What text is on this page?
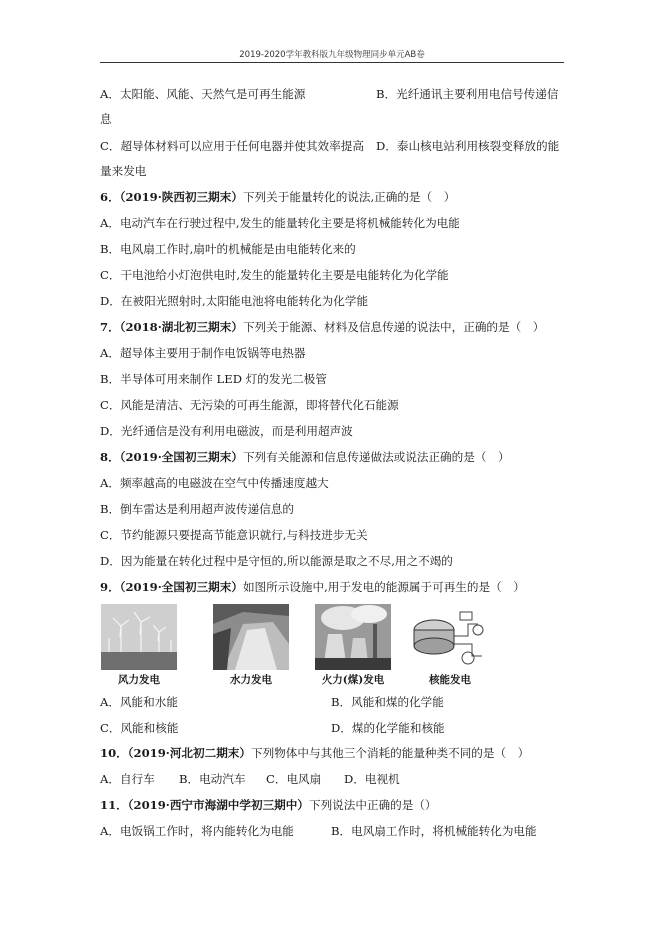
2019-2020学年教科版九年级物理同步单元AB卷
A．太阳能、风能、天然气是可再生能源	B．光纤通讯主要利用电信号传递信
息
C．超导体材料可以应用于任何电器并使其效率提高 D．泰山核电站利用核裂变释放的能
量来发电
6．（2019·陕西初三期末）下列关于能量转化的说法,正确的是（　）
A．电动汽车在行驶过程中,发生的能量转化主要是将机械能转化为电能
B．电风扇工作时,扇叶的机械能是由电能转化来的
C．干电池给小灯泡供电时,发生的能量转化主要是电能转化为化学能
D．在被阳光照射时,太阳能电池将电能转化为化学能
7．（2018·湖北初三期末）下列关于能源、材料及信息传递的说法中，正确的是（　）
A．超导体主要用于制作电饭锅等电热器
B．半导体可用来制作 LED 灯的发光二极管
C．风能是清洁、无污染的可再生能源，即将替代化石能源
D．光纤通信是没有利用电磁波，而是利用超声波
8．（2019·全国初三期末）下列有关能源和信息传递做法或说法正确的是（　）
A．频率越高的电磁波在空气中传播速度越大
B．倒车雷达是利用超声波传递信息的
C．节约能源只要提高节能意识就行,与科技进步无关
D．因为能量在转化过程中是守恒的,所以能源是取之不尽,用之不竭的
9．（2019·全国初三期末）如图所示设施中,用于发电的能源属于可再生的是（　）
风力发电	水力发电	火力(煤)发电	核能发电
A．风能和水能	B．风能和煤的化学能
C．风能和核能	D．煤的化学能和核能
10．（2019·河北初二期末）下列物体中与其他三个消耗的能量种类不同的是（　）
A．自行车 B．电动汽车 C．电风扇 D．电视机
11．（2019·西宁市海湖中学初三期中）下列说法中正确的是（）
A．电饭锅工作时，将内能转化为电能	B．电风扇工作时，将机械能转化为电能
